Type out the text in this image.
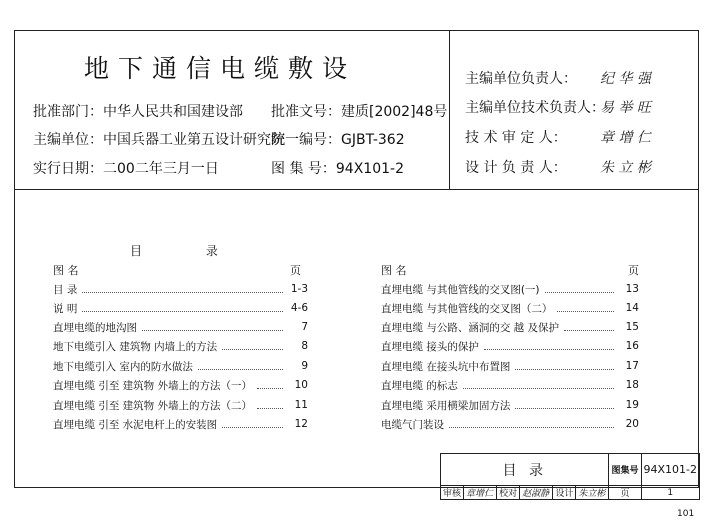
地下通信电缆敷设
批准部门：中华人民共和国建设部 批准文号：建质[2002]48号
主编单位：中国兵器工业第五设计研究院
统一编号：GJBT-362
实行日期：二00二年三月一日	图 集 号：94X101-2
主编单位负责人： 纪 华 强
主编单位技术负责人：
易 举 旺
技 术 审 定 人： 章 增 仁
设 计 负 责 人： 朱 立 彬
目 录
图 名	页	图 名	页
目 录	1-3
说 明	4-6
直埋电缆的地沟图	7
地下电缆引入 建筑物 内墙上的方法	8
地下电缆引入 室内的防水做法	9
直埋电缆 引至 建筑物 外墙上的方法（一）	10
直埋电缆 引至 建筑物 外墙上的方法（二）	11
直埋电缆 引至 水泥电杆上的安装图	12
直埋电缆 与其他管线的交叉图(一)	13
直埋电缆 与其他管线的交叉图（二）	14
直埋电缆 与公路、涵洞的交 越 及保护	15
直埋电缆 接头的保护	16
直埋电缆 在接头坑中布置图	17
直埋电缆 的标志	18
直埋电缆 采用横梁加固方法	19
电缆气门装设	20
目 录						图集号	94X101-2
审核	章增仁	校对	赵淑静	设计	朱立彬	页	1
101
